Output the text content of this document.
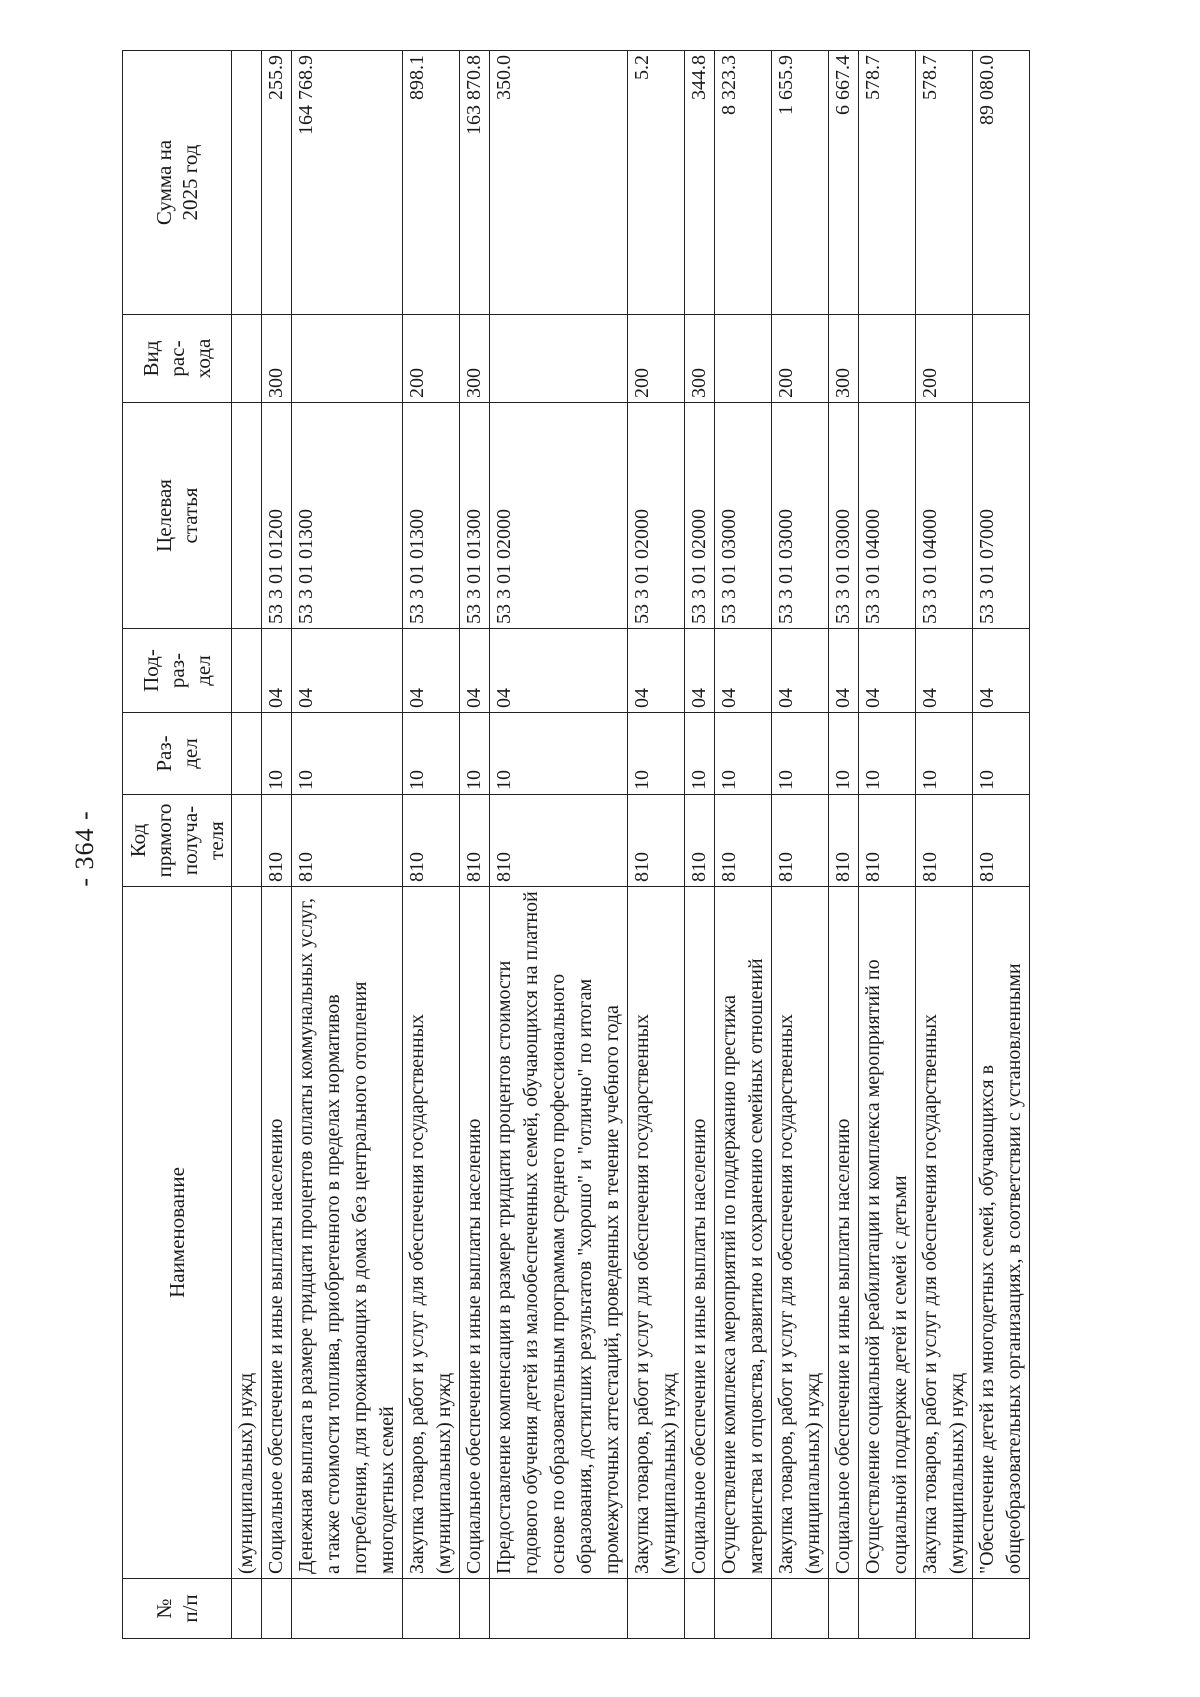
- 364 -
№
п/п	Наименование	Код
прямого
получа-
теля	Раз-
дел	Под-
раз-
дел	Целевая
статья	Вид
рас-
хода	Сумма на
2025 год
	(муниципальных) нужд						
	Социальное обеспечение и иные выплаты населению	810	10	04	53 3 01 01200	300	255.9
	Денежная выплата в размере тридцати процентов оплаты коммунальных услуг, а также стоимости топлива, приобретенного в пределах нормативов потребления, для проживающих в домах без центрального отопления многодетных семей	810	10	04	53 3 01 01300		164 768.9
	Закупка товаров, работ и услуг для обеспечения государственных (муниципальных) нужд	810	10	04	53 3 01 01300	200	898.1
	Социальное обеспечение и иные выплаты населению	810	10	04	53 3 01 01300	300	163 870.8
	Предоставление компенсации в размере тридцати процентов стоимости годового обучения детей из малообеспеченных семей, обучающихся на платной основе по образовательным программам среднего профессионального образования, достигших результатов "хорошо" и "отлично" по итогам промежуточных аттестаций, проведенных в течение учебного года	810	10	04	53 3 01 02000		350.0
	Закупка товаров, работ и услуг для обеспечения государственных (муниципальных) нужд	810	10	04	53 3 01 02000	200	5.2
	Социальное обеспечение и иные выплаты населению	810	10	04	53 3 01 02000	300	344.8
	Осуществление комплекса мероприятий по поддержанию престижа материнства и отцовства, развитию и сохранению семейных отношений	810	10	04	53 3 01 03000		8 323.3
	Закупка товаров, работ и услуг для обеспечения государственных (муниципальных) нужд	810	10	04	53 3 01 03000	200	1 655.9
	Социальное обеспечение и иные выплаты населению	810	10	04	53 3 01 03000	300	6 667.4
	Осуществление социальной реабилитации и комплекса мероприятий по социальной поддержке детей и семей с детьми	810	10	04	53 3 01 04000		578.7
	Закупка товаров, работ и услуг для обеспечения государственных (муниципальных) нужд	810	10	04	53 3 01 04000	200	578.7
	"Обеспечение детей из многодетных семей, обучающихся в общеобразовательных организациях, в соответствии с установленными	810	10	04	53 3 01 07000		89 080.0
